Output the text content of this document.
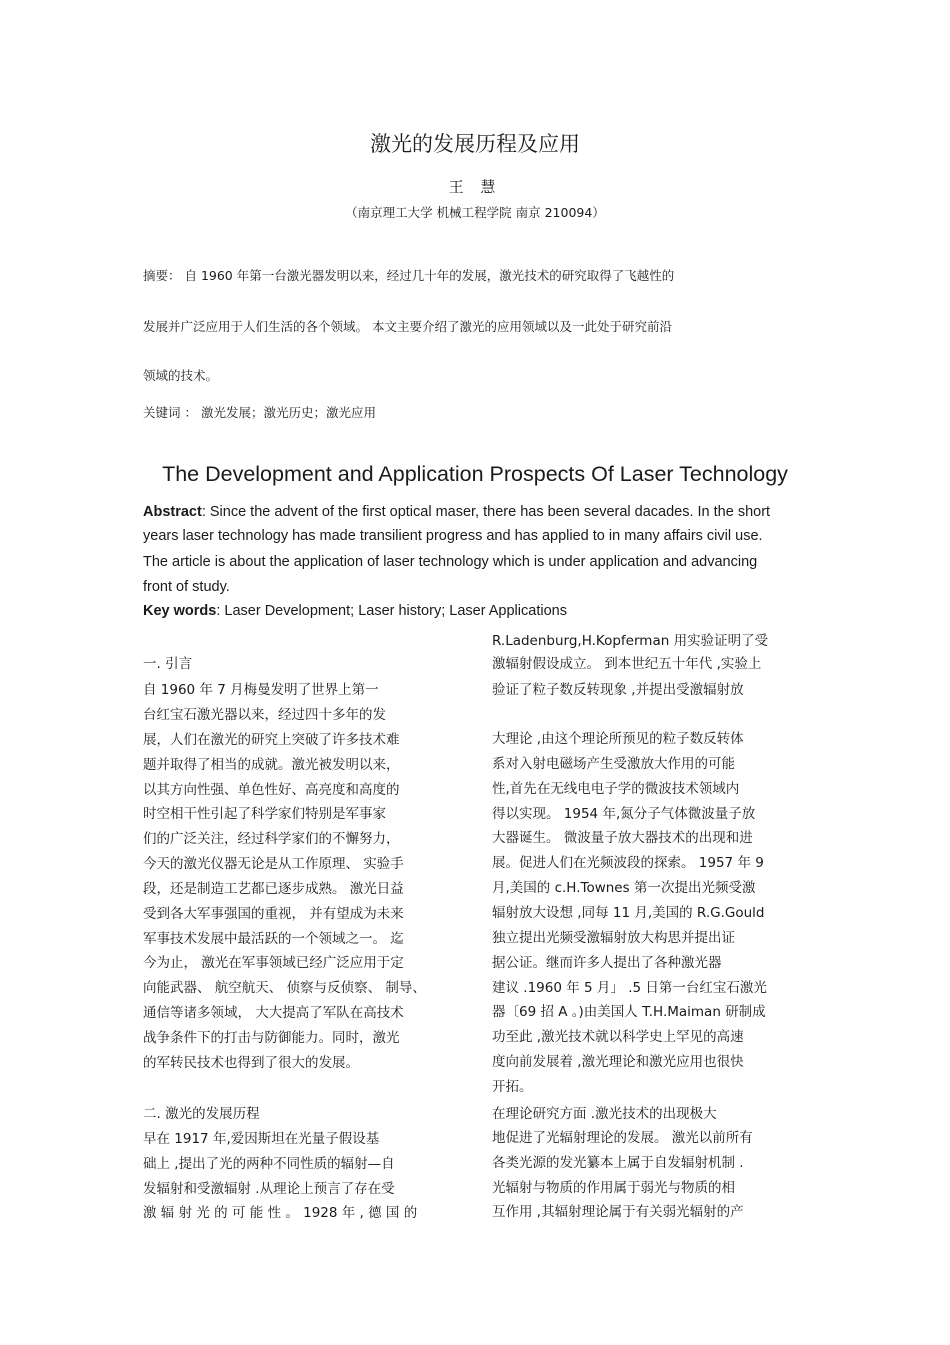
激光的发展历程及应用
王 慧
（南京理工大学 机械工程学院 南京 210094）
摘要： 自 1960 年第一台激光器发明以来，经过几十年的发展，激光技术的研究取得了飞越性的
发展并广泛应用于人们生活的各个领域。 本文主要介绍了激光的应用领域以及一此处于研究前沿
领域的技术。
关键词 ： 激光发展；激光历史；激光应用
The Development and Application Prospects Of Laser Technology
Abstract: Since the advent of the first optical maser, there has been several dacades. In the short
years laser technology has made transilient progress and has applied to in many affairs civil use.
The article is about the application of laser technology which is under application and advancing
front of study.
Key words: Laser Development; Laser history; Laser Applications
一. 引言
自 1960 年 7 月梅曼发明了世界上第一
台红宝石激光器以来，经过四十多年的发
展，人们在激光的研究上突破了许多技术难
题并取得了相当的成就。激光被发明以来，
以其方向性强、单色性好、高亮度和高度的
时空相干性引起了科学家们特别是军事家
们的广泛关注，经过科学家们的不懈努力，
今天的激光仪器无论是从工作原理、 实验手
段，还是制造工艺都已逐步成熟。 激光日益
受到各大军事强国的重视， 并有望成为未来
军事技术发展中最活跃的一个领域之一。 迄
今为止， 激光在军事领域已经广泛应用于定
向能武器、 航空航天、 侦察与反侦察、 制导、
通信等诸多领域， 大大提高了军队在高技术
战争条件下的打击与防御能力。同时，激光
的军转民技术也得到了很大的发展。
二. 激光的发展历程
早在 1917 年,爱因斯坦在光量子假设基
础上 ,提出了光的两种不同性质的辐射—自
发辐射和受激辐射 .从理论上预言了存在受
激 辐 射 光 的 可 能 性 。 1928 年 , 德 国 的
R.Ladenburg,H.Kopferman 用实验证明了受
激辐射假设成立。 到本世纪五十年代 ,实验上
验证了粒子数反转现象 ,并提出受激辐射放
大理论 ,由这个理论所预见的粒子数反转体
系对入射电磁场产生受激放大作用的可能
性,首先在无线电电子学的微波技术领域内
得以实现。 1954 年,氮分子气体微波量子放
大器诞生。 微波量子放大器技术的出现和进
展。促进人们在光频波段的探索。 1957 年 9
月,美国的 c.H.Townes 第一次提出光频受激
辐射放大设想 ,同每 11 月,美国的 R.G.Gould
独立提出光频受激辐射放大构思并提出证
据公证。继而许多人提出了各种激光器
建议 .1960 年 5 月」 .5 日第一台红宝石激光
器〔69 招 A 。)由美国人 T.H.Maiman 研制成
功至此 ,激光技术就以科学史上罕见的高速
度向前发展着 ,激光理论和激光应用也很快
开拓。
在理论研究方面 .激光技术的出现极大
地促进了光辐射理论的发展。 激光以前所有
各类光源的发光纂本上属于自发辐射机制 .
光辐射与物质的作用属于弱光与物质的相
互作用 ,其辐射理论属于有关弱光辐射的产
